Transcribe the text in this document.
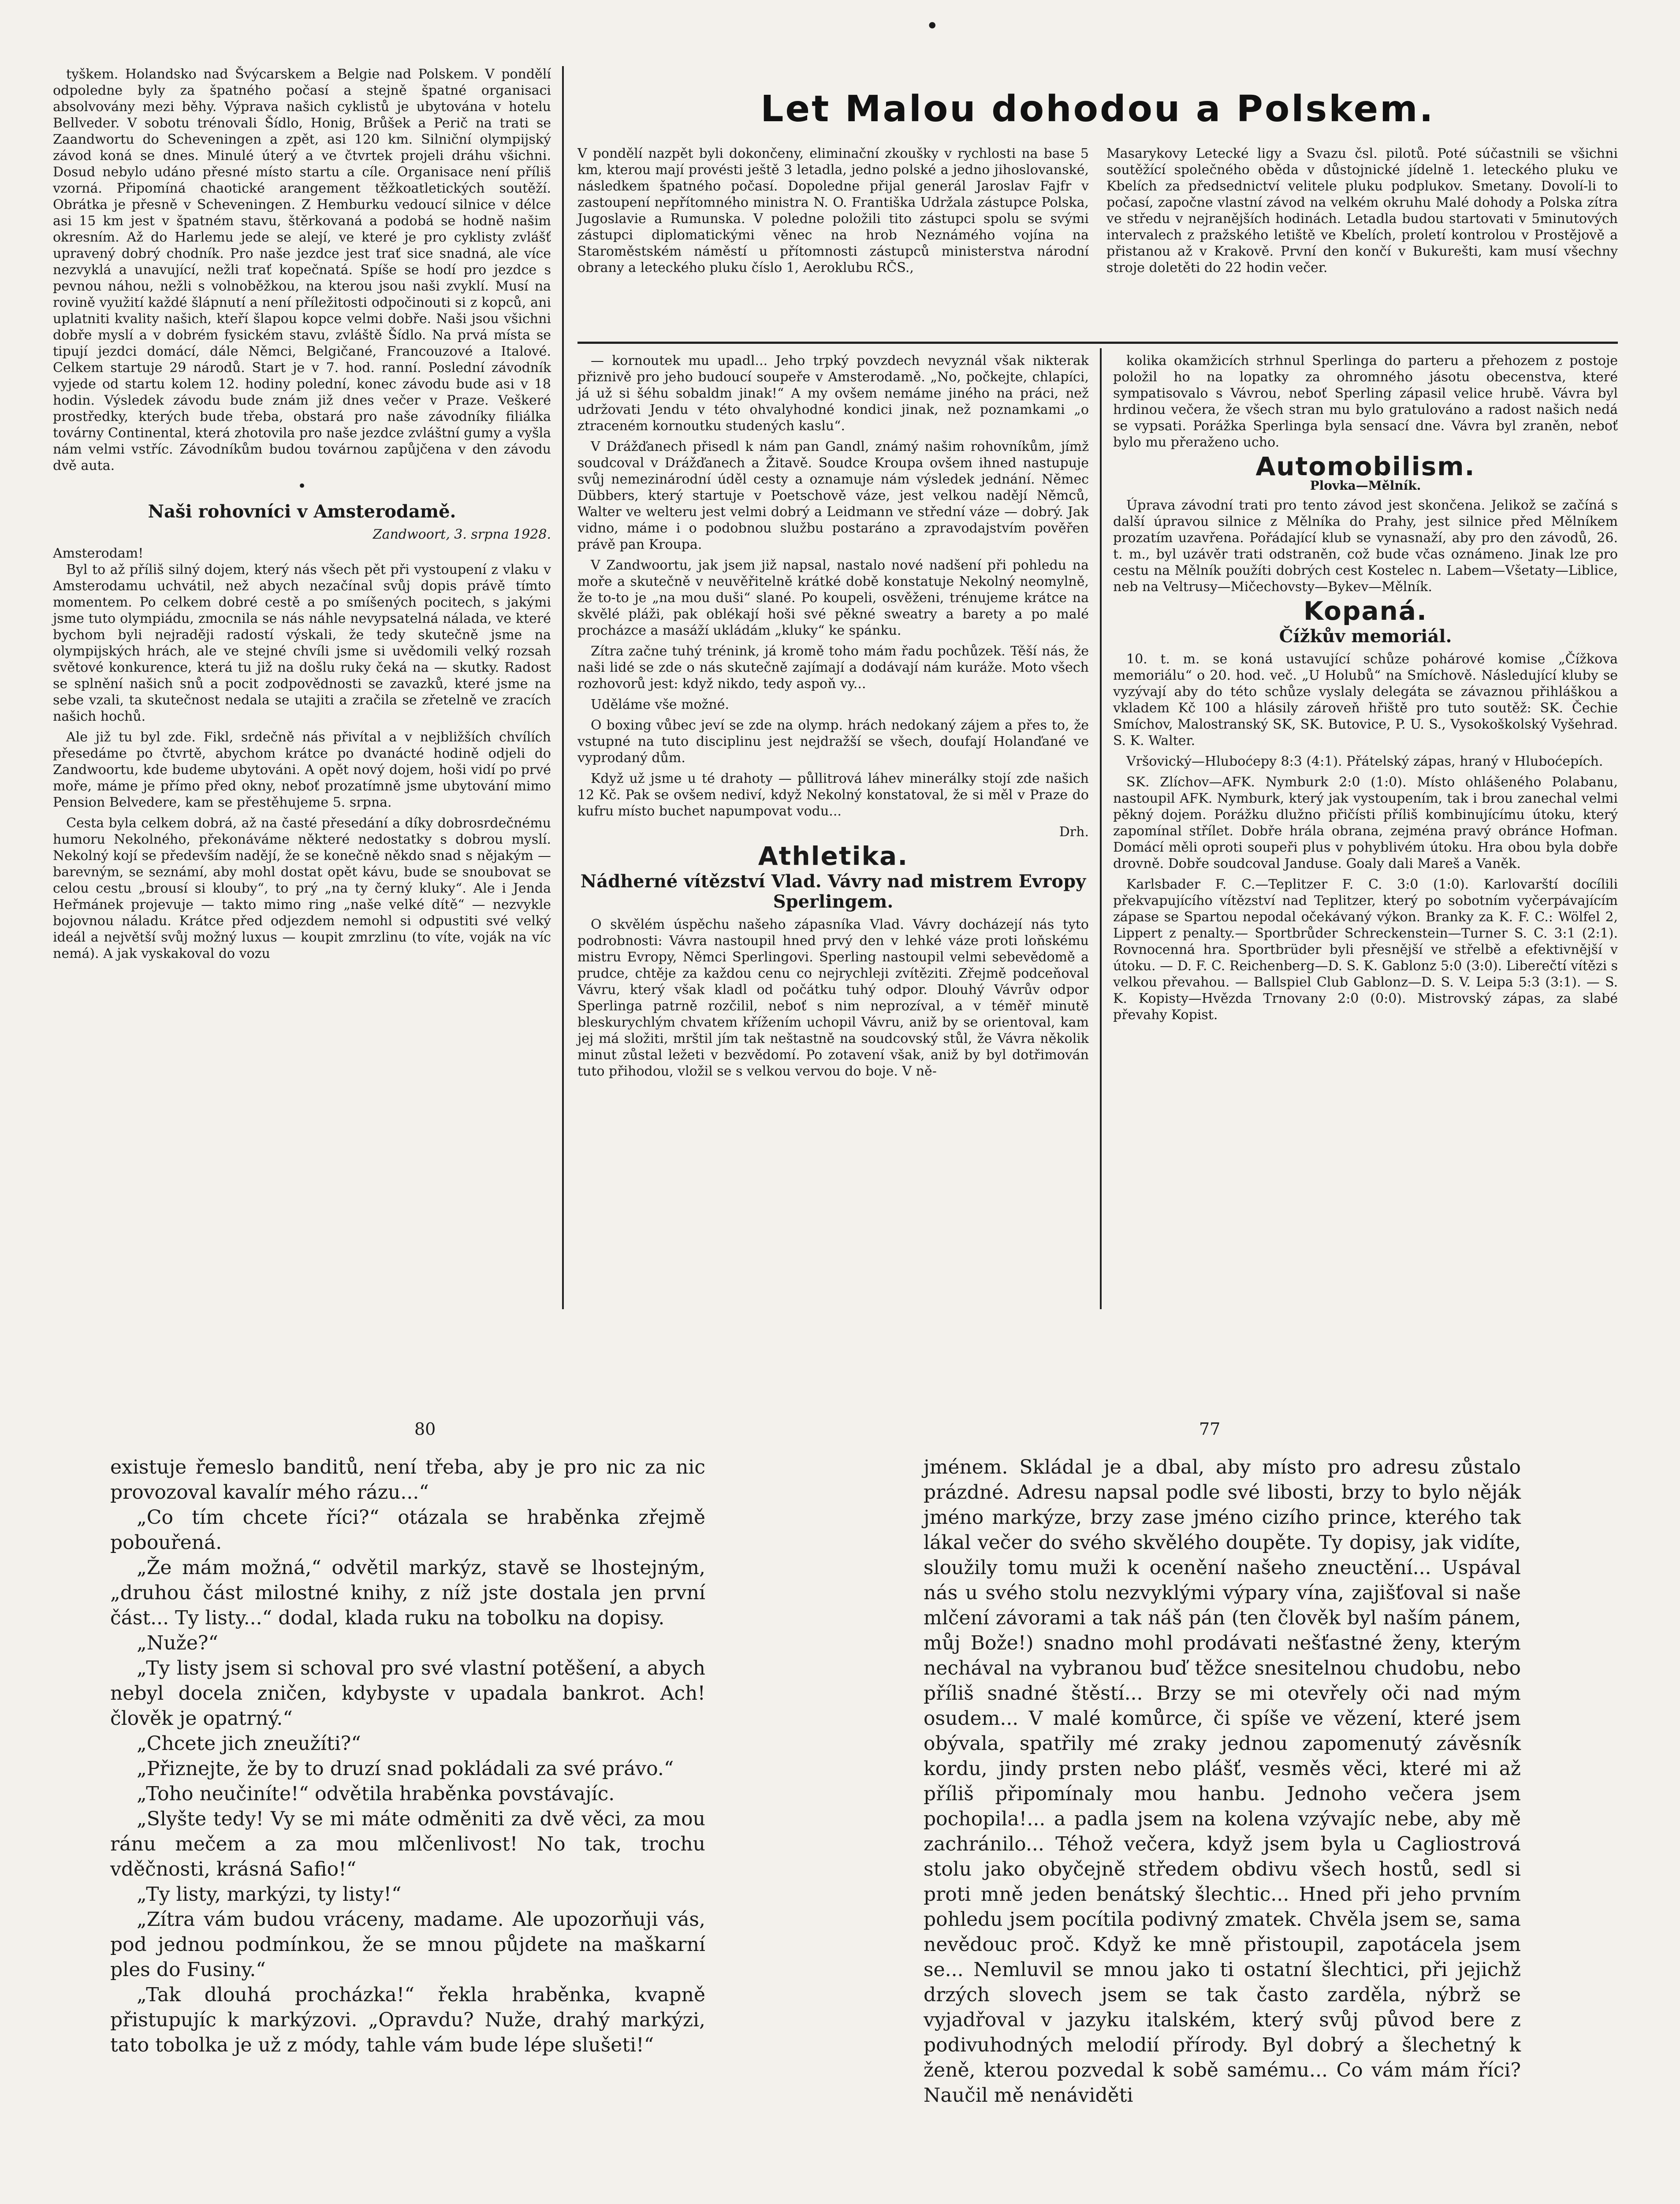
•

tyškem. Holandsko nad Švýcarskem a Belgie nad Polskem. V pondělí odpoledne byly za špatného počasí a stejně špatné organisaci absolvovány mezi běhy. Výprava našich cyklistů je ubytována v hotelu Bellveder. V sobotu trénovali Šídlo, Honig, Brůšek a Perič na trati se Zaandwortu do Scheveningen a zpět, asi 120 km. Silniční olympijský závod koná se dnes. Minulé úterý a ve čtvrtek projeli dráhu všichni. Dosud nebylo udáno přesné místo startu a cíle. Organisace není příliš vzorná. Připomíná chaotické arangement těžkoatletických soutěží. Obrátka je přesně v Scheveningen. Z Hemburku vedoucí silnice v délce asi 15 km jest v špatném stavu, štěrkovaná a podobá se hodně našim okresním. Až do Harlemu jede se alejí, ve které je pro cyklisty zvlášť upravený dobrý chodník. Pro naše jezdce jest trať sice snadná, ale více nezvyklá a unavující, nežli trať kopečnatá. Spíše se hodí pro jezdce s pevnou náhou, nežli s volnoběžkou, na kterou jsou naši zvyklí. Musí na rovině využití každé šlápnutí a není příležitosti odpočinouti si z kopců, ani uplatniti kvality našich, kteří šlapou kopce velmi dobře. Naši jsou všichni dobře myslí a v dobrém fysickém stavu, zvláště Šídlo. Na prvá místa se tipují jezdci domácí, dále Němci, Belgičané, Francouzové a Italové. Celkem startuje 29 národů. Start je v 7. hod. ranní. Poslední závodník vyjede od startu kolem 12. hodiny polední, konec závodu bude asi v 18 hodin. Výsledek závodu bude znám již dnes večer v Praze. Veškeré prostředky, kterých bude třeba, obstará pro naše závodníky filiálka továrny Continental, která zhotovila pro naše jezdce zvláštní gumy a vyšla nám velmi vstříc. Závodníkům budou továrnou zapůjčena v den závodu dvě auta.

•
Naši rohovníci v Amsterodamě.
Zandwoort, 3. srpna 1928.
Amsterodam!

Byl to až příliš silný dojem, který nás všech pět při vystoupení z vlaku v Amsterodamu uchvátil, než abych nezačínal svůj dopis právě tímto momentem. Po celkem dobré cestě a po smíšených pocitech, s jakými jsme tuto olympiádu, zmocnila se nás náhle nevypsatelná nálada, ve které bychom byli nejraději radostí výskali, že tedy skutečně jsme na olympijských hrách, ale ve stejné chvíli jsme si uvědomili velký rozsah světové konkurence, která tu již na došlu ruky čeká na — skutky. Radost se splnění našich snů a pocit zodpovědnosti se zavazků, které jsme na sebe vzali, ta skutečnost nedala se utajiti a zračila se zřetelně ve zracích našich hochů.

Ale již tu byl zde. Fikl, srdečně nás přivítal a v nejbližších chvílích přesedáme po čtvrtě, abychom krátce po dvanácté hodině odjeli do Zandwoortu, kde budeme ubytováni. A opět nový dojem, hoši vidí po prvé moře, máme je přímo před okny, neboť prozatímně jsme ubytování mimo Pension Belvedere, kam se přestěhujeme 5. srpna.

Cesta byla celkem dobrá, až na časté přesedání a díky dobrosrdečnému humoru Nekolného, překonáváme některé nedostatky s dobrou myslí. Nekolný kojí se především nadějí, že se konečně někdo snad s nějakým — barevným, se seznámí, aby mohl dostat opět kávu, bude se snoubovat se celou cestu „brousí si klouby“, to prý „na ty černý kluky“. Ale i Jenda Heřmánek projevuje — takto mimo ring „naše velké dítě“ — nezvykle bojovnou náladu. Krátce před odjezdem nemohl si odpustiti své velký ideál a největší svůj možný luxus — koupit zmrzlinu (to víte, voják na víc nemá). A jak vyskakoval do vozu

Let Malou dohodou a Polskem.
V pondělí nazpět byli dokončeny, eliminační zkoušky v rychlosti na base 5 km, kterou mají provésti ještě 3 letadla, jedno polské a jedno jihoslovanské, následkem špatného počasí. Dopoledne přijal generál Jaroslav Fajfr v zastoupení nepřítomného ministra N. O. Františka Udržala zástupce Polska, Jugoslavie a Rumunska. V poledne položili tito zástupci spolu se svými zástupci diplomatickými věnec na hrob Neznámého vojína na Staroměstském náměstí u přítomnosti zástupců ministerstva národní obrany a leteckého pluku číslo 1, Aeroklubu RČS.,
Masarykovy Letecké ligy a Svazu čsl. pilotů. Poté súčastnili se všichni soutěžící společného oběda v důstojnické jídelně 1. leteckého pluku ve Kbelích za předsednictví velitele pluku podplukov. Smetany. Dovolí-li to počasí, započne vlastní závod na velkém okruhu Malé dohody a Polska zítra ve středu v nejranějších hodinách. Letadla budou startovati v 5minutových intervalech z pražského letiště ve Kbelích, proletí kontrolou v Prostějově a přistanou až v Krakově. První den končí v Bukurešti, kam musí všechny stroje doletěti do 22 hodin večer.

— kornoutek mu upadl... Jeho trpký povzdech nevyznál však nikterak přiznivě pro jeho budoucí soupeře v Amsterodamě. „No, počkejte, chlapíci, já už si šéhu sobaldm jinak!“ A my ovšem nemáme jiného na práci, než udržovati Jendu v této ohvalyhodné kondici jinak, než poznamkami „o ztraceném kornoutku studených kaslu“.

V Drážďanech přisedl k nám pan Gandl, známý našim rohovníkům, jímž soudcoval v Drážďanech a Žitavě. Soudce Kroupa ovšem ihned nastupuje svůj nemezinárodní úděl cesty a oznamuje nám výsledek jednání. Němec Dübbers, který startuje v Poetschově váze, jest velkou nadějí Němců, Walter ve welteru jest velmi dobrý a Leidmann ve střední váze — dobrý. Jak vidno, máme i o podobnou službu postaráno a zpravodajstvím pověřen právě pan Kroupa.

V Zandwoortu, jak jsem již napsal, nastalo nové nadšení při pohledu na moře a skutečně v neuvěřitelně krátké době konstatuje Nekolný neomylně, že to-to je „na mou duši“ slané. Po koupeli, osvěženi, trénujeme krátce na skvělé pláži, pak oblékají hoši své pěkné sweatry a barety a po malé procházce a masáží ukládám „kluky“ ke spánku.

Zítra začne tuhý trénink, já kromě toho mám řadu pochůzek. Těší nás, že naši lidé se zde o nás skutečně zajímají a dodávají nám kuráže. Moto všech rozhovorů jest: když nikdo, tedy aspoň vy...

Uděláme vše možné.

O boxing vůbec jeví se zde na olymp. hrách nedokaný zájem a přes to, že vstupné na tuto disciplinu jest nejdražší se všech, doufají Holanďané ve vyprodaný dům.

Když už jsme u té drahoty — půllitrová láhev minerálky stojí zde našich 12 Kč. Pak se ovšem nediví, když Nekolný konstatoval, že si měl v Praze do kufru místo buchet napumpovat vodu...

Drh.
Athletika.
Nádherné vítězství Vlad. Vávry nad mistrem Evropy Sperlingem.

O skvělém úspěchu našeho zápasníka Vlad. Vávry docházejí nás tyto podrobnosti: Vávra nastoupil hned prvý den v lehké váze proti loňskému mistru Evropy, Němci Sperlingovi. Sperling nastoupil velmi sebevědomě a prudce, chtěje za každou cenu co nejrychleji zvítěziti. Zřejmě podceňoval Vávru, který však kladl od počátku tuhý odpor. Dlouhý Vávrův odpor Sperlinga patrně rozčilil, neboť s nim neprozíval, a v téměř minutě bleskurychlým chvatem křížením uchopil Vávru, aniž by se orientoval, kam jej má složiti, mrštil jím tak neštastně na soudcovský stůl, že Vávra několik minut zůstal ležeti v bezvědomí. Po zotavení však, aniž by byl dotřimován tuto přihodou, vložil se s velkou vervou do boje. V ně-

kolika okamžicích strhnul Sperlinga do parteru a přehozem z postoje položil ho na lopatky za ohromného jásotu obecenstva, které sympatisovalo s Vávrou, neboť Sperling zápasil velice hrubě. Vávra byl hrdinou večera, že všech stran mu bylo gratulováno a radost našich nedá se vypsati. Porážka Sperlinga byla sensací dne. Vávra byl zraněn, neboť bylo mu přeraženo ucho.

Automobilism.
Plovka—Mělník.

Úprava závodní trati pro tento závod jest skončena. Jelikož se začíná s další úpravou silnice z Mělníka do Prahy, jest silnice před Mělníkem prozatím uzavřena. Pořádající klub se vynasnaží, aby pro den závodů, 26. t. m., byl uzávěr trati odstraněn, což bude včas oznámeno. Jinak lze pro cestu na Mělník použíti dobrých cest Kostelec n. Labem—Všetaty—Liblice, neb na Veltrusy—Mičechovsty—Bykev—Mělník.

Kopaná.
Čížkův memoriál.

10. t. m. se koná ustavující schůze pohárové komise „Čížkova memoriálu“ o 20. hod. več. „U Holubů“ na Smíchově. Následující kluby se vyzývají aby do této schůze vyslaly delegáta se závaznou přihláškou a vkladem Kč 100 a hlásily zároveň hřiště pro tuto soutěž: SK. Čechie Smíchov, Malostranský SK, SK. Butovice, P. U. S., Vysokoškolský Vyšehrad. S. K. Walter.

Vršovický—Hluboćepy 8:3 (4:1). Přátelský zápas, hraný v Hluboćepích.

SK. Zlíchov—AFK. Nymburk 2:0 (1:0). Místo ohlášeného Polabanu, nastoupil AFK. Nymburk, který jak vystoupením, tak i brou zanechal velmi pěkný dojem. Porážku dlužno přičísti příliš kombinujícímu útoku, který zapomínal střílet. Dobře hrála obrana, zejména pravý obránce Hofman. Domácí měli oproti soupeři plus v pohyblivém útoku. Hra obou byla dobře drovně. Dobře soudcoval Janduse. Goaly dali Mareš a Vaněk.

Karlsbader F. C.—Teplitzer F. C. 3:0 (1:0). Karlovarští docílili překvapujícího vítězství nad Teplitzer, který po sobotním vyčerpávajícím zápase se Spartou nepodal očekávaný výkon. Branky za K. F. C.: Wölfel 2, Lippert z penalty.— Sportbrůder Schreckenstein—Turner S. C. 3:1 (2:1). Rovnocenná hra. Sportbrüder byli přesnější ve střelbě a efektivnější v útoku. — D. F. C. Reichenberg—D. S. K. Gablonz 5:0 (3:0). Liberečtí vítězi s velkou převahou. — Ballspiel Club Gablonz—D. S. V. Leipa 5:3 (3:1). — S. K. Kopisty—Hvězda Trnovany 2:0 (0:0). Mistrovský zápas, za slabé převahy Kopist.

80	77

existuje řemeslo banditů, není třeba, aby je pro nic za nic provozoval kavalír mého rázu...“

„Co tím chcete říci?“ otázala se hraběnka zřejmě pobouřená.

„Že mám možná,“ odvětil markýz, stavě se lhostejným, „druhou část milostné knihy, z níž jste dostala jen první část... Ty listy...“ dodal, klada ruku na tobolku na dopisy.

„Nuže?“

„Ty listy jsem si schoval pro své vlastní potěšení, a abych nebyl docela zničen, kdybyste v upadala bankrot. Ach! člověk je opatrný.“

„Chcete jich zneužíti?“

„Přiznejte, že by to druzí snad pokládali za své právo.“

„Toho neučiníte!“ odvětila hraběnka povstávajíc.

„Slyšte tedy! Vy se mi máte odměniti za dvě věci, za mou ránu mečem a za mou mlčenlivost! No tak, trochu vděčnosti, krásná Safio!“

„Ty listy, markýzi, ty listy!“

„Zítra vám budou vráceny, madame. Ale upozorňuji vás, pod jednou podmínkou, že se mnou půjdete na maškarní ples do Fusiny.“

„Tak dlouhá procházka!“ řekla hraběnka, kvapně přistupujíc k markýzovi. „Opravdu? Nuže, drahý markýzi, tato tobolka je už z módy, tahle vám bude lépe slušeti!“

jménem. Skládal je a dbal, aby místo pro adresu zůstalo prázdné. Adresu napsal podle své libosti, brzy to bylo něják jméno markýze, brzy zase jméno cizího prince, kterého tak lákal večer do svého skvělého doupěte. Ty dopisy, jak vidíte, sloužily tomu muži k ocenění našeho zneuctění... Uspával nás u svého stolu nezvyklými výpary vína, zajišťoval si naše mlčení závorami a tak náš pán (ten člověk byl naším pánem, můj Bože!) snadno mohl prodávati nešťastné ženy, kterým nechával na vybranou buď těžce snesitelnou chudobu, nebo příliš snadné štěstí... Brzy se mi otevřely oči nad mým osudem... V malé komůrce, či spíše ve vězení, které jsem obývala, spatřily mé zraky jednou zapomenutý závěsník kordu, jindy prsten nebo plášť, vesměs věci, které mi až příliš připomínaly mou hanbu. Jednoho večera jsem pochopila!... a padla jsem na kolena vzývajíc nebe, aby mě zachránilo... Téhož večera, když jsem byla u Cagliostrová stolu jako obyčejně středem obdivu všech hostů, sedl si proti mně jeden benátský šlechtic... Hned při jeho prvním pohledu jsem pocítila podivný zmatek. Chvěla jsem se, sama nevědouc proč. Když ke mně přistoupil, zapotácela jsem se... Nemluvil se mnou jako ti ostatní šlechtici, při jejichž drzých slovech jsem se tak často zarděla, nýbrž se vyjadřoval v jazyku italském, který svůj původ bere z podivuhodných melodií přírody. Byl dobrý a šlechetný k ženě, kterou pozvedal k sobě samému... Co vám mám říci? Naučil mě nenáviděti
